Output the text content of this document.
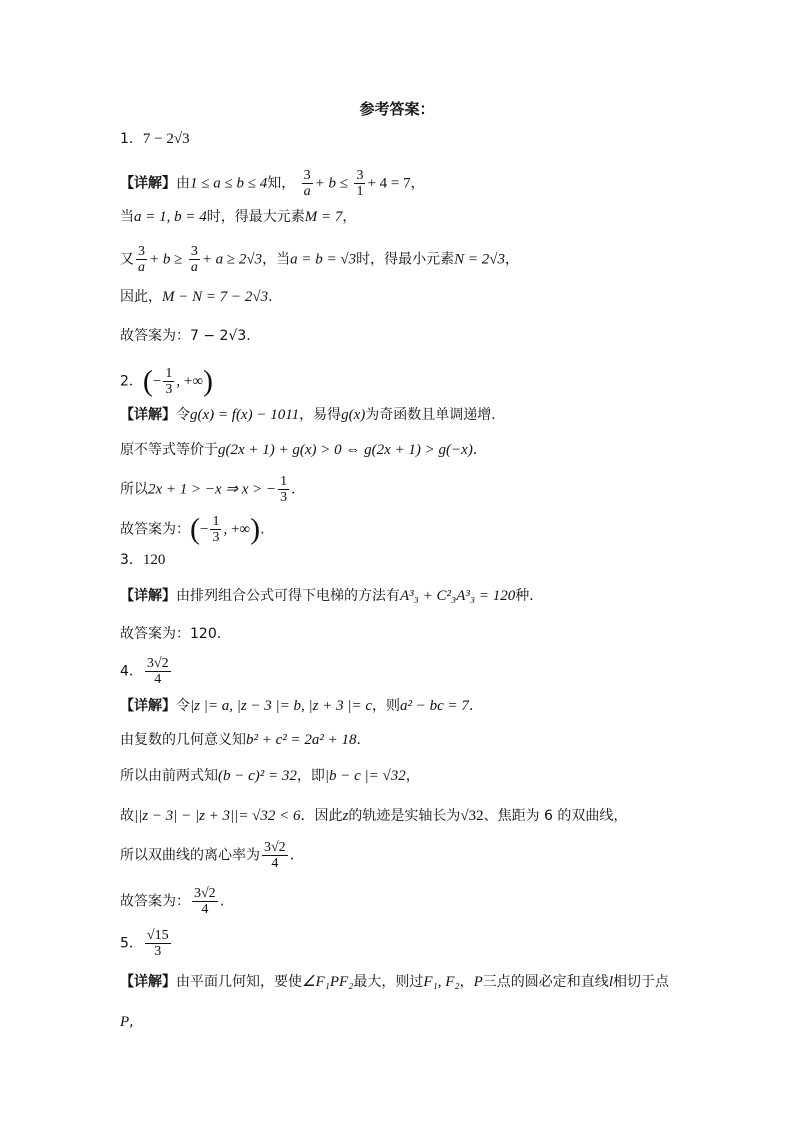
参考答案：
1．7 − 2√3
【详解】由1 ≤ a ≤ b ≤ 4知， $\frac{3}{a} + b \le \frac{3}{1} + 4 = 7$，
当a = 1, b = 4时，得最大元素M = 7，
又 $\frac{3}{a} + b \ge \frac{3}{a} + a \ge 2√3$，当a = b = √3时，得最小元素N = 2√3，
因此，M − N = 7 − 2√3．
故答案为：7 − 2√3.
2．(− $\frac{1}{3}$ , +∞)
【详解】令g(x) = f(x) − 1011，易得g(x)为奇函数且单调递增．
原不等式等价于g(2x + 1) + g(x) > 0 ⇔ g(2x + 1) > g(−x)．
所以2x + 1 > −x ⇒ x > − $\frac{1}{3}$ ．
故答案为：(− $\frac{1}{3}$ , +∞).
3．120
【详解】由排列组合公式可得下电梯的方法有A³₃ + C²₃A³₃ = 120种．
故答案为：120.
4． $\frac{3√2}{4}$
【详解】令|z |= a, |z − 3 |= b, |z + 3 |= c，则a² − bc = 7．
由复数的几何意义知b² + c² = 2a² + 18．
所以由前两式知(b − c)² = 32，即|b − c |= √32，
故||z − 3| − |z + 3||= √32 < 6．因此z的轨迹是实轴长为√32、焦距为 6 的双曲线，
所以双曲线的离心率为 $\frac{3√2}{4}$ ．
故答案为： $\frac{3√2}{4}$ .
5． $\frac{√15}{3}$
【详解】由平面几何知，要使∠F₁PF₂最大，则过F₁, F₂，P三点的圆必定和直线l相切于点
P,
